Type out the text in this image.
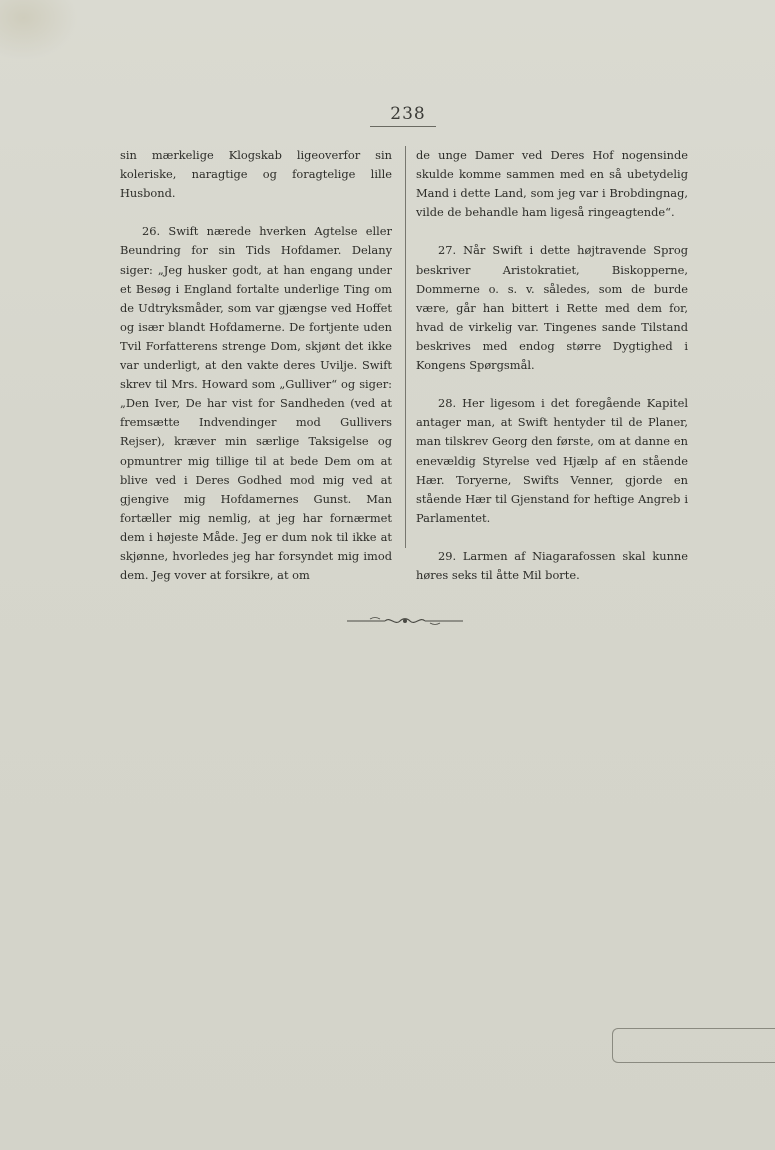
238

sin mærkelige Klogskab ligeoverfor sin koleriske, naragtige og foragtelige lille Husbond.

26. Swift nærede hverken Agtelse eller Beundring for sin Tids Hofdamer. Delany siger: „Jeg husker godt, at han engang under et Besøg i England fortalte underlige Ting om de Udtryksmåder, som var gjængse ved Hoffet og især blandt Hofdamerne. De fortjente uden Tvil Forfatterens strenge Dom, skjønt det ikke var underligt, at den vakte deres Uvilje. Swift skrev til Mrs. Howard som „Gulliver“ og siger: „Den Iver, De har vist for Sandheden (ved at fremsætte Indvendinger mod Gullivers Rejser), kræver min særlige Taksigelse og opmuntrer mig tillige til at bede Dem om at blive ved i Deres Godhed mod mig ved at gjengive mig Hofdamernes Gunst. Man fortæller mig nemlig, at jeg har fornærmet dem i højeste Måde. Jeg er dum nok til ikke at skjønne, hvorledes jeg har forsyndet mig imod dem. Jeg vover at forsikre, at om

de unge Damer ved Deres Hof nogensinde skulde komme sammen med en så ubetydelig Mand i dette Land, som jeg var i Brobdingnag, vilde de behandle ham ligeså ringeagtende“.

27. Når Swift i dette højtravende Sprog beskriver Aristokratiet, Biskopperne, Dommerne o. s. v. således, som de burde være, går han bittert i Rette med dem for, hvad de virkelig var. Tingenes sande Tilstand beskrives med endog større Dygtighed i Kongens Spørgsmål.

28. Her ligesom i det foregående Kapitel antager man, at Swift hentyder til de Planer, man tilskrev Georg den første, om at danne en enevældig Styrelse ved Hjælp af en stående Hær. Toryerne, Swifts Venner, gjorde en stående Hær til Gjenstand for heftige Angreb i Parlamentet.

29. Larmen af Niagarafossen skal kunne høres seks til åtte Mil borte.
